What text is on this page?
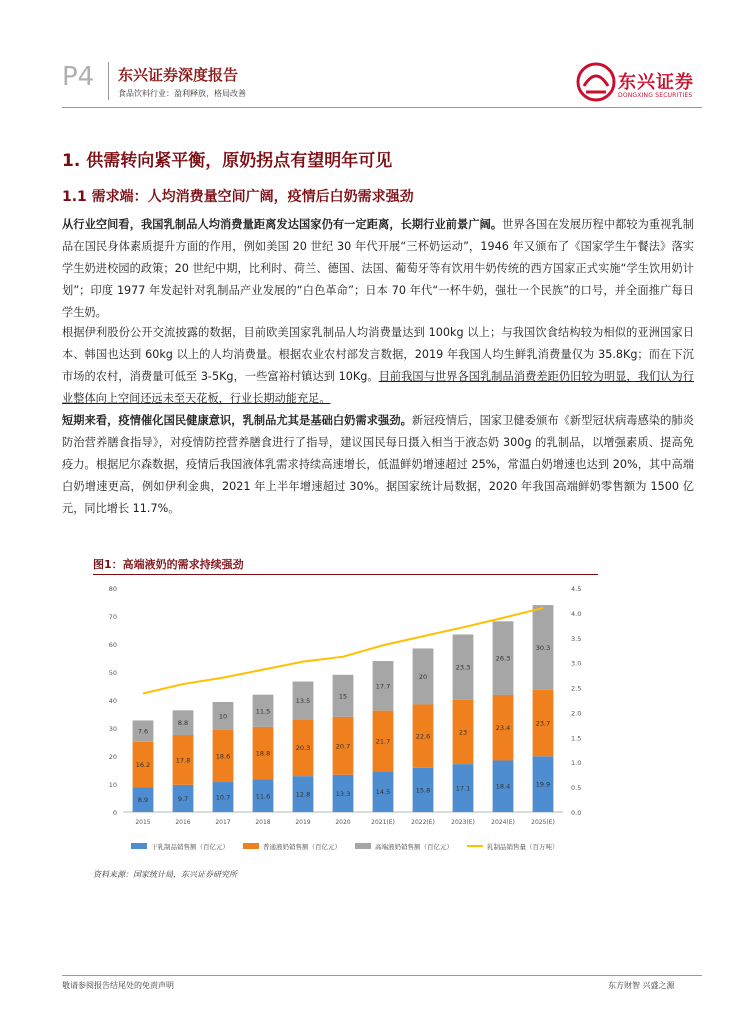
P4 东兴证券深度报告
食品饮料行业：盈利释放，格局改善
东兴证券
DONGXING SECURITIES
1. 供需转向紧平衡，原奶拐点有望明年可见
1.1 需求端：人均消费量空间广阔，疫情后白奶需求强劲
从行业空间看，我国乳制品人均消费量距离发达国家仍有一定距离，长期行业前景广阔。世界各国在发展历程中都较为重视乳制品在国民身体素质提升方面的作用，例如美国 20 世纪 30 年代开展“三杯奶运动”，1946 年又颁布了《国家学生午餐法》落实学生奶进校园的政策；20 世纪中期，比利时、荷兰、德国、法国、葡萄牙等有饮用牛奶传统的西方国家正式实施“学生饮用奶计划”；印度 1977 年发起针对乳制品产业发展的“白色革命”；日本 70 年代“一杯牛奶，强壮一个民族”的口号，并全面推广每日学生奶。
根据伊利股份公开交流披露的数据，目前欧美国家乳制品人均消费量达到 100kg 以上；与我国饮食结构较为相似的亚洲国家日本、韩国也达到 60kg 以上的人均消费量。根据农业农村部发言数据，2019 年我国人均生鲜乳消费量仅为 35.8Kg；而在下沉市场的农村，消费量可低至 3-5Kg，一些富裕村镇达到 10Kg。目前我国与世界各国乳制品消费差距仍旧较为明显，我们认为行业整体向上空间还远未至天花板，行业长期动能充足。
短期来看，疫情催化国民健康意识，乳制品尤其是基础白奶需求强劲。新冠疫情后，国家卫健委颁布《新型冠状病毒感染的肺炎防治营养膳食指导》，对疫情防控营养膳食进行了指导，建议国民每日摄入相当于液态奶 300g 的乳制品，以增强素质、提高免疫力。根据尼尔森数据，疫情后我国液体乳需求持续高速增长，低温鲜奶增速超过 25%，常温白奶增速也达到 20%，其中高端白奶增速更高，例如伊利金典，2021 年上半年增速超过 30%。据国家统计局数据，2020 年我国高端鲜奶零售额为 1500 亿元，同比增长 11.7%。
图1：高端液奶的需求持续强劲
0
10
20
30
40
50
60
70
80
0.0
0.5
1.0
1.5
2.0
2.5
3.0
3.5
4.0
4.5
8.9
16.2
7.6
2015
9.7
17.8
8.8
2016
10.7
18.6
10
2017
11.6
18.8
11.5
2018
12.8
20.3
13.5
2019
13.3
20.7
15
2020
14.5
21.7
17.7
2021(E)
15.8
22.6
20
2022(E)
17.1
23
23.3
2023(E)
18.4
23.4
26.3
2024(E)
19.9
23.7
30.3
2025(E)
干乳制品销售额（百亿元）	普通液奶销售额（百亿元）	高端液奶销售额（百亿元）	乳制品销售量（百万吨）
资料来源：国家统计局，东兴证券研究所
敬请参阅报告结尾处的免责声明	东方财智 兴盛之源
